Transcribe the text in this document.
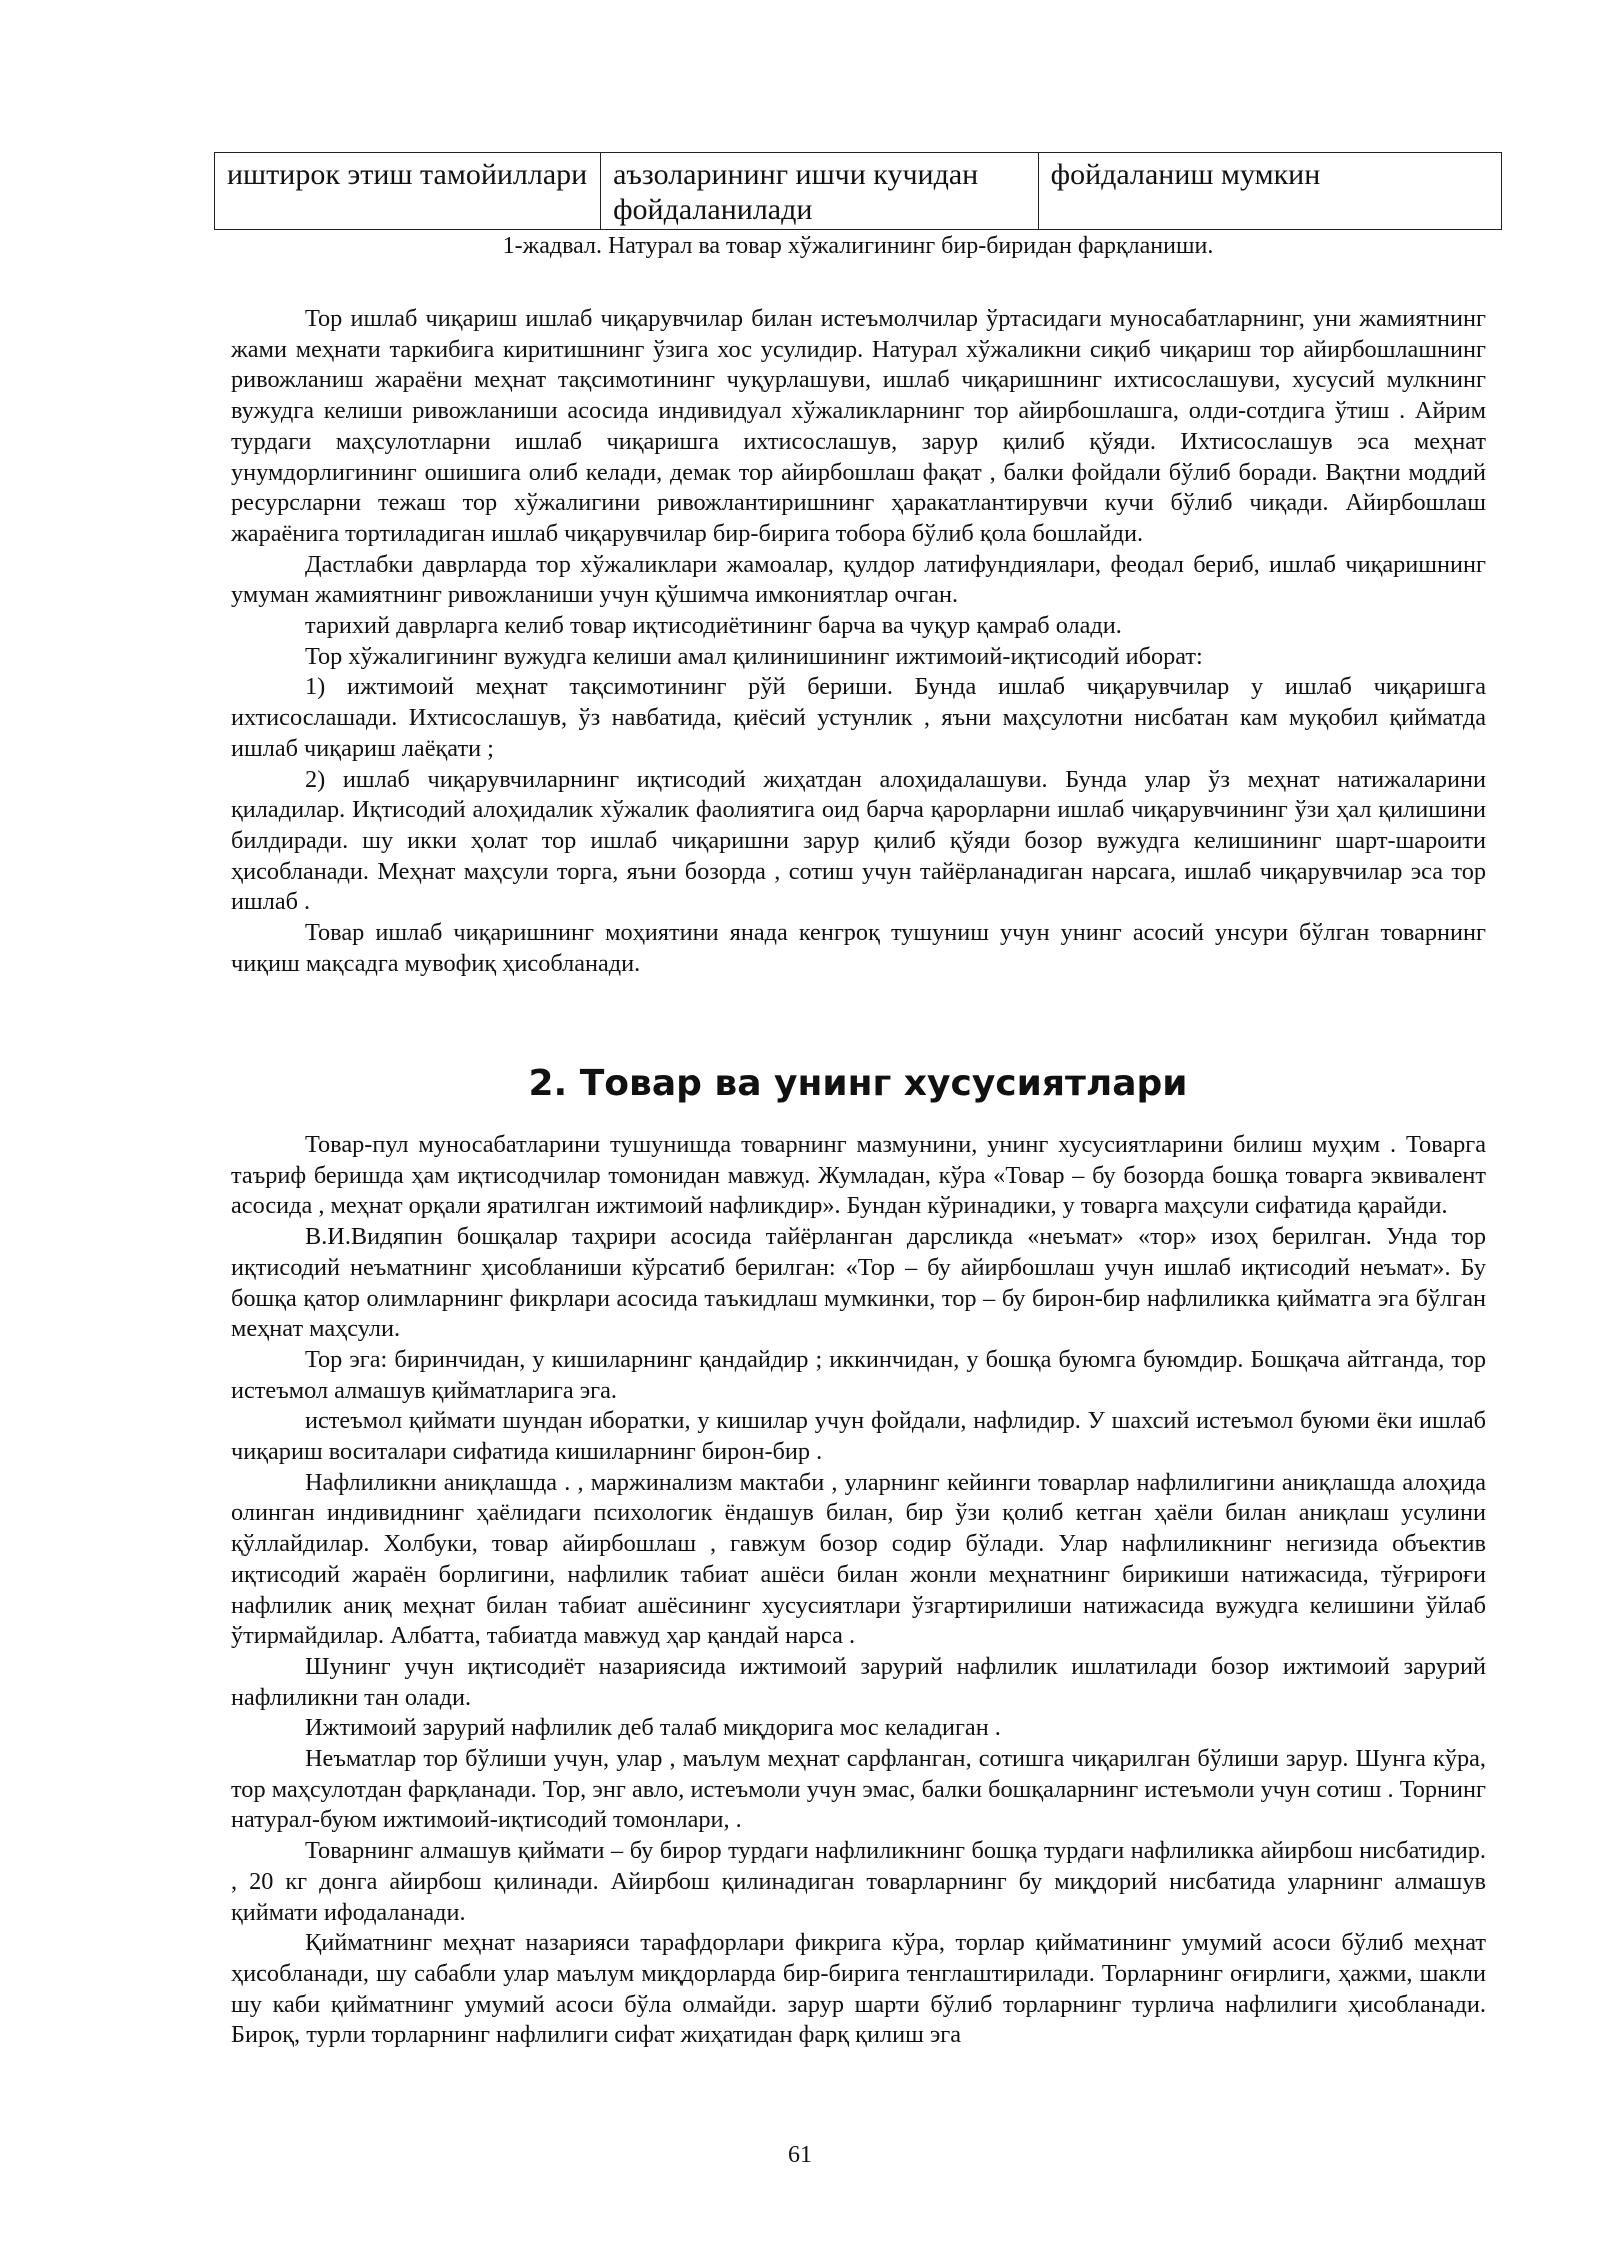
иштирок этиш тамойиллари	аъзоларининг ишчи кучидан фойдаланилади	фойдаланиш мумкин
1-жадвал. Натурал ва товар хўжалигининг бир-биридан фарқланиши.

Тор ишлаб чиқариш ишлаб чиқарувчилар билан истеъмолчилар ўртасидаги муносабатларнинг, уни жамиятнинг жами меҳнати таркибига киритишнинг ўзига хос усулидир. Натурал хўжаликни сиқиб чиқариш тор айирбошлашнинг ривожланиш жараёни меҳнат тақсимотининг чуқурлашуви, ишлаб чиқаришнинг ихтисослашуви, хусусий мулкнинг вужудга келиши ривожланиши асосида индивидуал хўжаликларнинг тор айирбошлашга, олди-сотдига ўтиш . Айрим турдаги маҳсулотларни ишлаб чиқаришга ихтисослашув, зарур қилиб қўяди. Ихтисослашув эса меҳнат унумдорлигининг ошишига олиб келади, демак тор айирбошлаш фақат , балки фойдали бўлиб боради. Вақтни моддий ресурсларни тежаш тор хўжалигини ривожлантиришнинг ҳаракатлантирувчи кучи бўлиб чиқади. Айирбошлаш жараёнига тортиладиган ишлаб чиқарувчилар бир-бирига тобора бўлиб қола бошлайди.

Дастлабки даврларда тор хўжаликлари жамоалар, қулдор латифундиялари, феодал бериб, ишлаб чиқаришнинг умуман жамиятнинг ривожланиши учун қўшимча имкониятлар очган.

тарихий даврларга келиб товар иқтисодиётининг барча ва чуқур қамраб олади.

Тор хўжалигининг вужудга келиши амал қилинишининг ижтимоий-иқтисодий иборат:

1) ижтимоий меҳнат тақсимотининг рўй бериши. Бунда ишлаб чиқарувчилар у ишлаб чиқаришга ихтисослашади. Ихтисослашув, ўз навбатида, қиёсий устунлик , яъни маҳсулотни нисбатан кам муқобил қийматда ишлаб чиқариш лаёқати ;

2) ишлаб чиқарувчиларнинг иқтисодий жиҳатдан алоҳидалашуви. Бунда улар ўз меҳнат натижаларини қиладилар. Иқтисодий алоҳидалик хўжалик фаолиятига оид барча қарорларни ишлаб чиқарувчининг ўзи ҳал қилишини билдиради. шу икки ҳолат тор ишлаб чиқаришни зарур қилиб қўяди бозор вужудга келишининг шарт-шароити ҳисобланади. Меҳнат маҳсули торга, яъни бозорда , сотиш учун тайёрланадиган нарсага, ишлаб чиқарувчилар эса тор ишлаб .

Товар ишлаб чиқаришнинг моҳиятини янада кенгроқ тушуниш учун унинг асосий унсури бўлган товарнинг чиқиш мақсадга мувофиқ ҳисобланади.

2. Товар ва унинг хусусиятлари

Товар-пул муносабатларини тушунишда товарнинг мазмунини, унинг хусусиятларини билиш муҳим . Товарга таъриф беришда ҳам иқтисодчилар томонидан мавжуд. Жумладан, кўра «Товар – бу бозорда бошқа товарга эквивалент асосида , меҳнат орқали яратилган ижтимоий нафликдир». Бундан кўринадики, у товарга маҳсули сифатида қарайди.

В.И.Видяпин бошқалар таҳрири асосида тайёрланган дарсликда «неъмат» «тор» изоҳ берилган. Унда тор иқтисодий неъматнинг ҳисобланиши кўрсатиб берилган: «Тор – бу айирбошлаш учун ишлаб иқтисодий неъмат». Бу бошқа қатор олимларнинг фикрлари асосида таъкидлаш мумкинки, тор – бу бирон-бир нафлиликка қийматга эга бўлган меҳнат маҳсули.

Тор эга: биринчидан, у кишиларнинг қандайдир ; иккинчидан, у бошқа буюмга буюмдир. Бошқача айтганда, тор истеъмол алмашув қийматларига эга.

истеъмол қиймати шундан иборатки, у кишилар учун фойдали, нафлидир. У шахсий истеъмол буюми ёки ишлаб чиқариш воситалари сифатида кишиларнинг бирон-бир .

Нафлиликни аниқлашда . , маржинализм мактаби , уларнинг кейинги товарлар нафлилигини аниқлашда алоҳида олинган индивиднинг ҳаёлидаги психологик ёндашув билан, бир ўзи қолиб кетган ҳаёли билан аниқлаш усулини қўллайдилар. Холбуки, товар айирбошлаш , гавжум бозор содир бўлади. Улар нафлиликнинг негизида объектив иқтисодий жараён борлигини, нафлилик табиат ашёси билан жонли меҳнатнинг бирикиши натижасида, тўғрироғи нафлилик аниқ меҳнат билан табиат ашёсининг хусусиятлари ўзгартирилиши натижасида вужудга келишини ўйлаб ўтирмайдилар. Албатта, табиатда мавжуд ҳар қандай нарса .

Шунинг учун иқтисодиёт назариясида ижтимоий зарурий нафлилик ишлатилади бозор ижтимоий зарурий нафлиликни тан олади.

Ижтимоий зарурий нафлилик деб талаб миқдорига мос келадиган .

Неъматлар тор бўлиши учун, улар , маълум меҳнат сарфланган, сотишга чиқарилган бўлиши зарур. Шунга кўра, тор маҳсулотдан фарқланади. Тор, энг авло, истеъмоли учун эмас, балки бошқаларнинг истеъмоли учун сотиш . Торнинг натурал-буюм ижтимоий-иқтисодий томонлари, .

Товарнинг алмашув қиймати – бу бирор турдаги нафлиликнинг бошқа турдаги нафлиликка айирбош нисбатидир. , 20 кг донга айирбош қилинади. Айирбош қилинадиган товарларнинг бу миқдорий нисбатида уларнинг алмашув қиймати ифодаланади.

Қийматнинг меҳнат назарияси тарафдорлари фикрига кўра, торлар қийматининг умумий асоси бўлиб меҳнат ҳисобланади, шу сабабли улар маълум миқдорларда бир-бирига тенглаштирилади. Торларнинг оғирлиги, ҳажми, шакли шу каби қийматнинг умумий асоси бўла олмайди. зарур шарти бўлиб торларнинг турлича нафлилиги ҳисобланади. Бироқ, турли торларнинг нафлилиги сифат жиҳатидан фарқ қилиш эга

61
